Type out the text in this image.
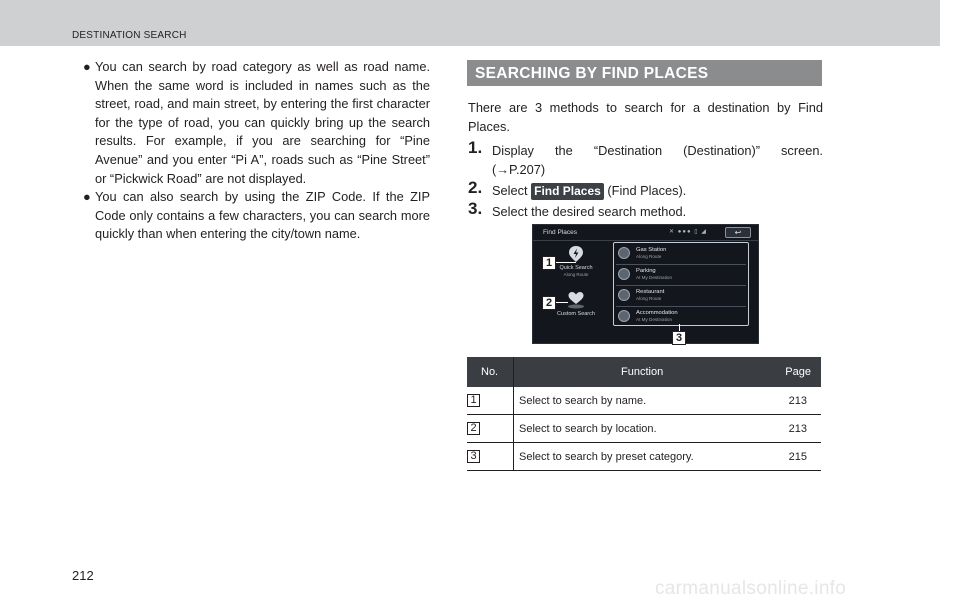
DESTINATION SEARCH
● You can search by road category as well as road name. When the same word is included in names such as the street, road, and main street, by entering the first character for the type of road, you can quickly bring up the search results. For example, if you are searching for “Pine Avenue” and you enter “Pi A”, roads such as “Pine Street” or “Pickwick Road” are not displayed.
● You can also search by using the ZIP Code. If the ZIP Code only contains a few characters, you can search more quickly than when entering the city/town name.
SEARCHING BY FIND PLACES
There are 3 methods to search for a destination by Find Places.
1. Display the “Destination (Destination)” screen.
(→P.207)
2. Select Find Places (Find Places).
3. Select the desired search method.
Find Places	✕ ●●● ▯ ◢	↩
Quick Search
Along Route
Custom Search
Gas Station
Along Route
Parking
At My Destination
Restaurant
Along Route
Accommodation
At My Destination
1
2
3
No.	Function	Page
1	Select to search by name.	213
2	Select to search by location.	213
3	Select to search by preset category.	215
212
carmanualsonline.info
